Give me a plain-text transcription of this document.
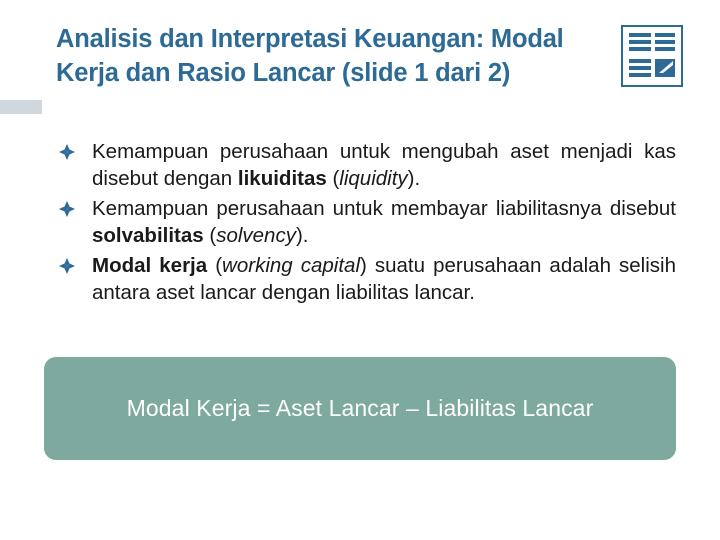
Analisis dan Interpretasi Keuangan: Modal
Kerja dan Rasio Lancar (slide 1 dari 2)
Kemampuan perusahaan untuk mengubah aset menjadi kas disebut dengan likuiditas (liquidity).
Kemampuan perusahaan untuk membayar liabilitasnya disebut solvabilitas (solvency).
Modal kerja (working capital) suatu perusahaan adalah selisih antara aset lancar dengan liabilitas lancar.
Modal Kerja = Aset Lancar – Liabilitas Lancar
